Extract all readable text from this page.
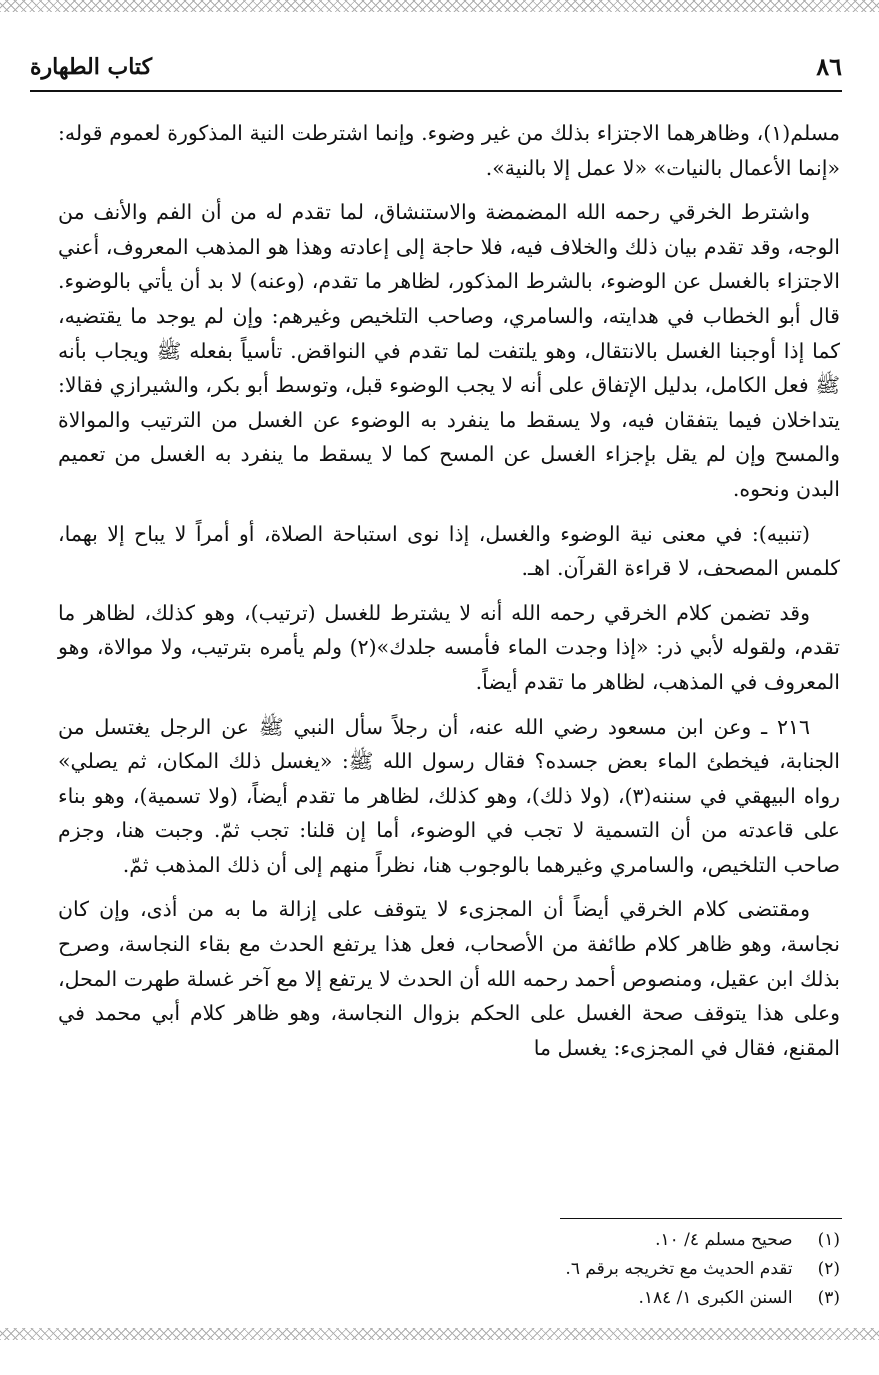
٨٦
كتاب الطهارة

مسلم(١)، وظاهرهما الاجتزاء بذلك من غير وضوء. وإنما اشترطت النية المذكورة لعموم قوله: «إنما الأعمال بالنيات» «لا عمل إلا بالنية».

واشترط الخرقي رحمه الله المضمضة والاستنشاق، لما تقدم له من أن الفم والأنف من الوجه، وقد تقدم بيان ذلك والخلاف فيه، فلا حاجة إلى إعادته وهذا هو المذهب المعروف، أعني الاجتزاء بالغسل عن الوضوء، بالشرط المذكور، لظاهر ما تقدم، (وعنه) لا بد أن يأتي بالوضوء. قال أبو الخطاب في هدايته، والسامري، وصاحب التلخيص وغيرهم: وإن لم يوجد ما يقتضيه، كما إذا أوجبنا الغسل بالانتقال، وهو يلتفت لما تقدم في النواقض. تأسياً بفعله ﷺ ويجاب بأنه ﷺ فعل الكامل، بدليل الإتفاق على أنه لا يجب الوضوء قبل، وتوسط أبو بكر، والشيرازي فقالا: يتداخلان فيما يتفقان فيه، ولا يسقط ما ينفرد به الوضوء عن الغسل من الترتيب والموالاة والمسح وإن لم يقل بإجزاء الغسل عن المسح كما لا يسقط ما ينفرد به الغسل من تعميم البدن ونحوه.

(تنبيه): في معنى نية الوضوء والغسل، إذا نوى استباحة الصلاة، أو أمراً لا يباح إلا بهما، كلمس المصحف، لا قراءة القرآن. اهـ.

وقد تضمن كلام الخرقي رحمه الله أنه لا يشترط للغسل (ترتيب)، وهو كذلك، لظاهر ما تقدم، ولقوله لأبي ذر: «إذا وجدت الماء فأمسه جلدك»(٢) ولم يأمره بترتيب، ولا موالاة، وهو المعروف في المذهب، لظاهر ما تقدم أيضاً.

٢١٦ ـ وعن ابن مسعود رضي الله عنه، أن رجلاً سأل النبي ﷺ عن الرجل يغتسل من الجنابة، فيخطئ الماء بعض جسده؟ فقال رسول الله ﷺ: «يغسل ذلك المكان، ثم يصلي» رواه البيهقي في سننه(٣)، (ولا ذلك)، وهو كذلك، لظاهر ما تقدم أيضاً، (ولا تسمية)، وهو بناء على قاعدته من أن التسمية لا تجب في الوضوء، أما إن قلنا: تجب ثمّ. وجبت هنا، وجزم صاحب التلخيص، والسامري وغيرهما بالوجوب هنا، نظراً منهم إلى أن ذلك المذهب ثمّ.

ومقتضى كلام الخرقي أيضاً أن المجزىء لا يتوقف على إزالة ما به من أذى، وإن كان نجاسة، وهو ظاهر كلام طائفة من الأصحاب، فعل هذا يرتفع الحدث مع بقاء النجاسة، وصرح بذلك ابن عقيل، ومنصوص أحمد رحمه الله أن الحدث لا يرتفع إلا مع آخر غسلة طهرت المحل، وعلى هذا يتوقف صحة الغسل على الحكم بزوال النجاسة، وهو ظاهر كلام أبي محمد في المقنع، فقال في المجزىء: يغسل ما

(١) صحيح مسلم ٤/ ١٠.

(٢) تقدم الحديث مع تخريجه برقم ٦.

(٣) السنن الكبرى ١/ ١٨٤.
